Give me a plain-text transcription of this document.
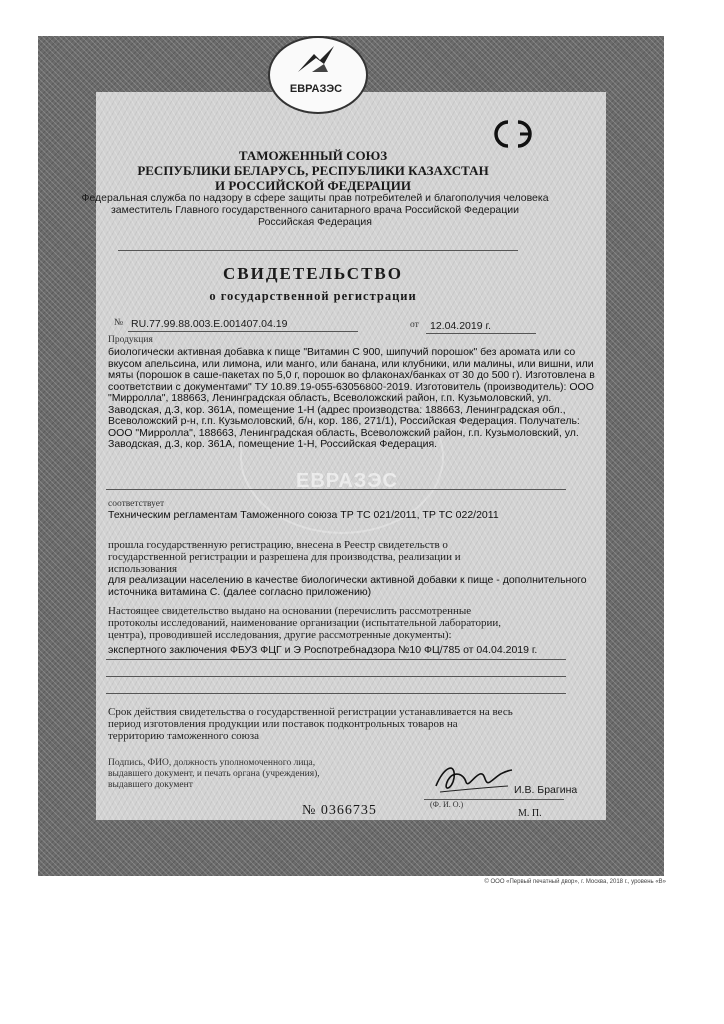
ЕВРАЗЭС
ТАМОЖЕННЫЙ СОЮЗ
РЕСПУБЛИКИ БЕЛАРУСЬ, РЕСПУБЛИКИ КАЗАХСТАН
И РОССИЙСКОЙ ФЕДЕРАЦИИ
Федеральная служба по надзору в сфере защиты прав потребителей и благополучия человека
заместитель Главного государственного санитарного врача Российской Федерации
Российская Федерация
СВИДЕТЕЛЬСТВО
о государственной регистрации
№ RU.77.99.88.003.E.001407.04.19	от	12.04.2019 г.
Продукция
биологически активная добавка к пище "Витамин С 900, шипучий порошок" без аромата или со
вкусом апельсина, или лимона, или манго, или банана, или клубники, или малины, или вишни, или
мяты (порошок в саше-пакетах по 5,0 г, порошок во флаконах/банках от 30 до 500 г). Изготовлена в
соответствии с документами" ТУ 10.89.19-055-63056800-2019. Изготовитель (производитель): ООО
"Мирролла", 188663, Ленинградская область, Всеволожский район, г.п. Кузьмоловский, ул.
Заводская, д.3, кор. 361А, помещение 1-Н (адрес производства: 188663, Ленинградская обл.,
Всеволожский р-н, г.п. Кузьмоловский, б/н, кор. 186, 271/1), Российская Федерация. Получатель:
ООО "Мирролла", 188663, Ленинградская область, Всеволожский район, г.п. Кузьмоловский, ул.
Заводская, д.3, кор. 361А, помещение 1-Н, Российская Федерация.
ЕВРАЗЭС
соответствует
Техническим регламентам Таможенного союза ТР ТС 021/2011, ТР ТС 022/2011
прошла государственную регистрацию, внесена в Реестр свидетельств о
государственной регистрации и разрешена для производства, реализации и
использования
для реализации населению в качестве биологически активной добавки к пище - дополнительного
источника витамина С. (далее согласно приложению)
Настоящее свидетельство выдано на основании (перечислить рассмотренные
протоколы исследований, наименование организации (испытательной лаборатории,
центра), проводившей исследования, другие рассмотренные документы):
экспертного заключения ФБУЗ ФЦГ и Э Роспотребнадзора №10 ФЦ/785 от 04.04.2019 г.
Срок действия свидетельства о государственной регистрации устанавливается на весь
период изготовления продукции или поставок подконтрольных товаров на
территорию таможенного союза
Подпись, ФИО, должность уполномоченного лица,
выдавшего документ, и печать органа (учреждения),
выдавшего документ	И.В. Брагина
(Ф. И. О.)
№ 0366735	М. П.
© ООО «Первый печатный двор», г. Москва, 2018 г., уровень «В»
